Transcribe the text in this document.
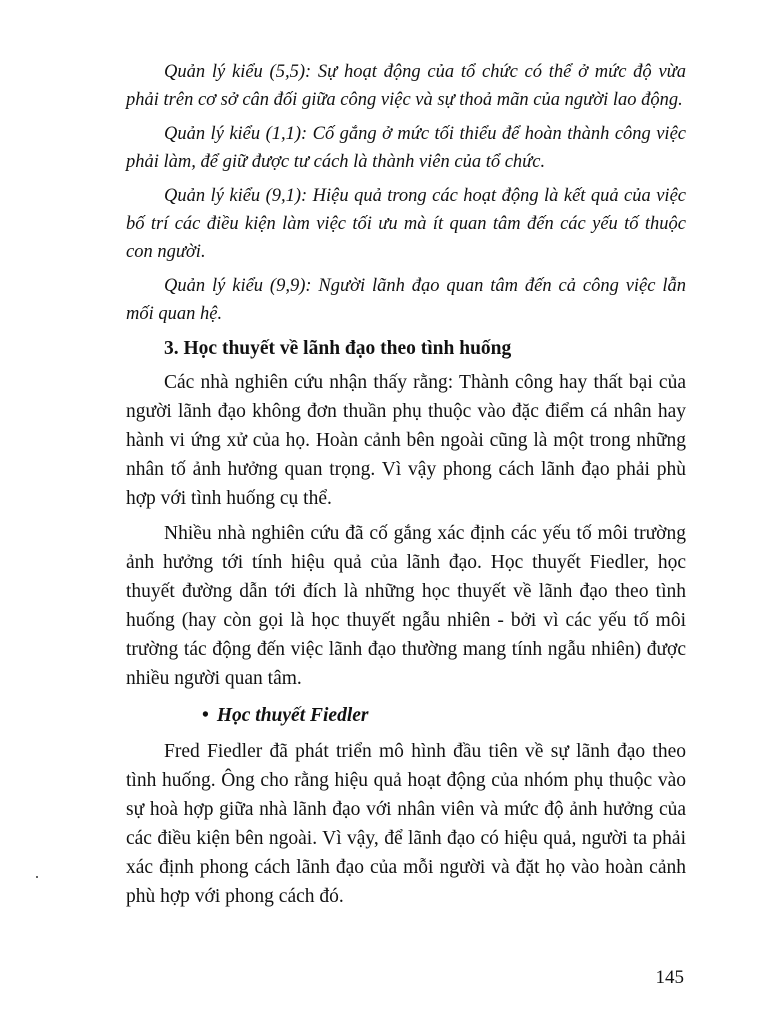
Quản lý kiểu (5,5): Sự hoạt động của tổ chức có thể ở mức độ vừa phải trên cơ sở cân đối giữa công việc và sự thoả mãn của người lao động.

Quản lý kiểu (1,1): Cố gắng ở mức tối thiểu để hoàn thành công việc phải làm, để giữ được tư cách là thành viên của tổ chức.

Quản lý kiểu (9,1): Hiệu quả trong các hoạt động là kết quả của việc bố trí các điều kiện làm việc tối ưu mà ít quan tâm đến các yếu tố thuộc con người.

Quản lý kiểu (9,9): Người lãnh đạo quan tâm đến cả công việc lẫn mối quan hệ.

3. Học thuyết về lãnh đạo theo tình huống

Các nhà nghiên cứu nhận thấy rằng: Thành công hay thất bại của người lãnh đạo không đơn thuần phụ thuộc vào đặc điểm cá nhân hay hành vi ứng xử của họ. Hoàn cảnh bên ngoài cũng là một trong những nhân tố ảnh hưởng quan trọng. Vì vậy phong cách lãnh đạo phải phù hợp với tình huống cụ thể.

Nhiều nhà nghiên cứu đã cố gắng xác định các yếu tố môi trường ảnh hưởng tới tính hiệu quả của lãnh đạo. Học thuyết Fiedler, học thuyết đường dẫn tới đích là những học thuyết về lãnh đạo theo tình huống (hay còn gọi là học thuyết ngẫu nhiên - bởi vì các yếu tố môi trường tác động đến việc lãnh đạo thường mang tính ngẫu nhiên) được nhiều người quan tâm.

• Học thuyết Fiedler

Fred Fiedler đã phát triển mô hình đầu tiên về sự lãnh đạo theo tình huống. Ông cho rằng hiệu quả hoạt động của nhóm phụ thuộc vào sự hoà hợp giữa nhà lãnh đạo với nhân viên và mức độ ảnh hưởng của các điều kiện bên ngoài. Vì vậy, để lãnh đạo có hiệu quả, người ta phải xác định phong cách lãnh đạo của mỗi người và đặt họ vào hoàn cảnh phù hợp với phong cách đó.

145
